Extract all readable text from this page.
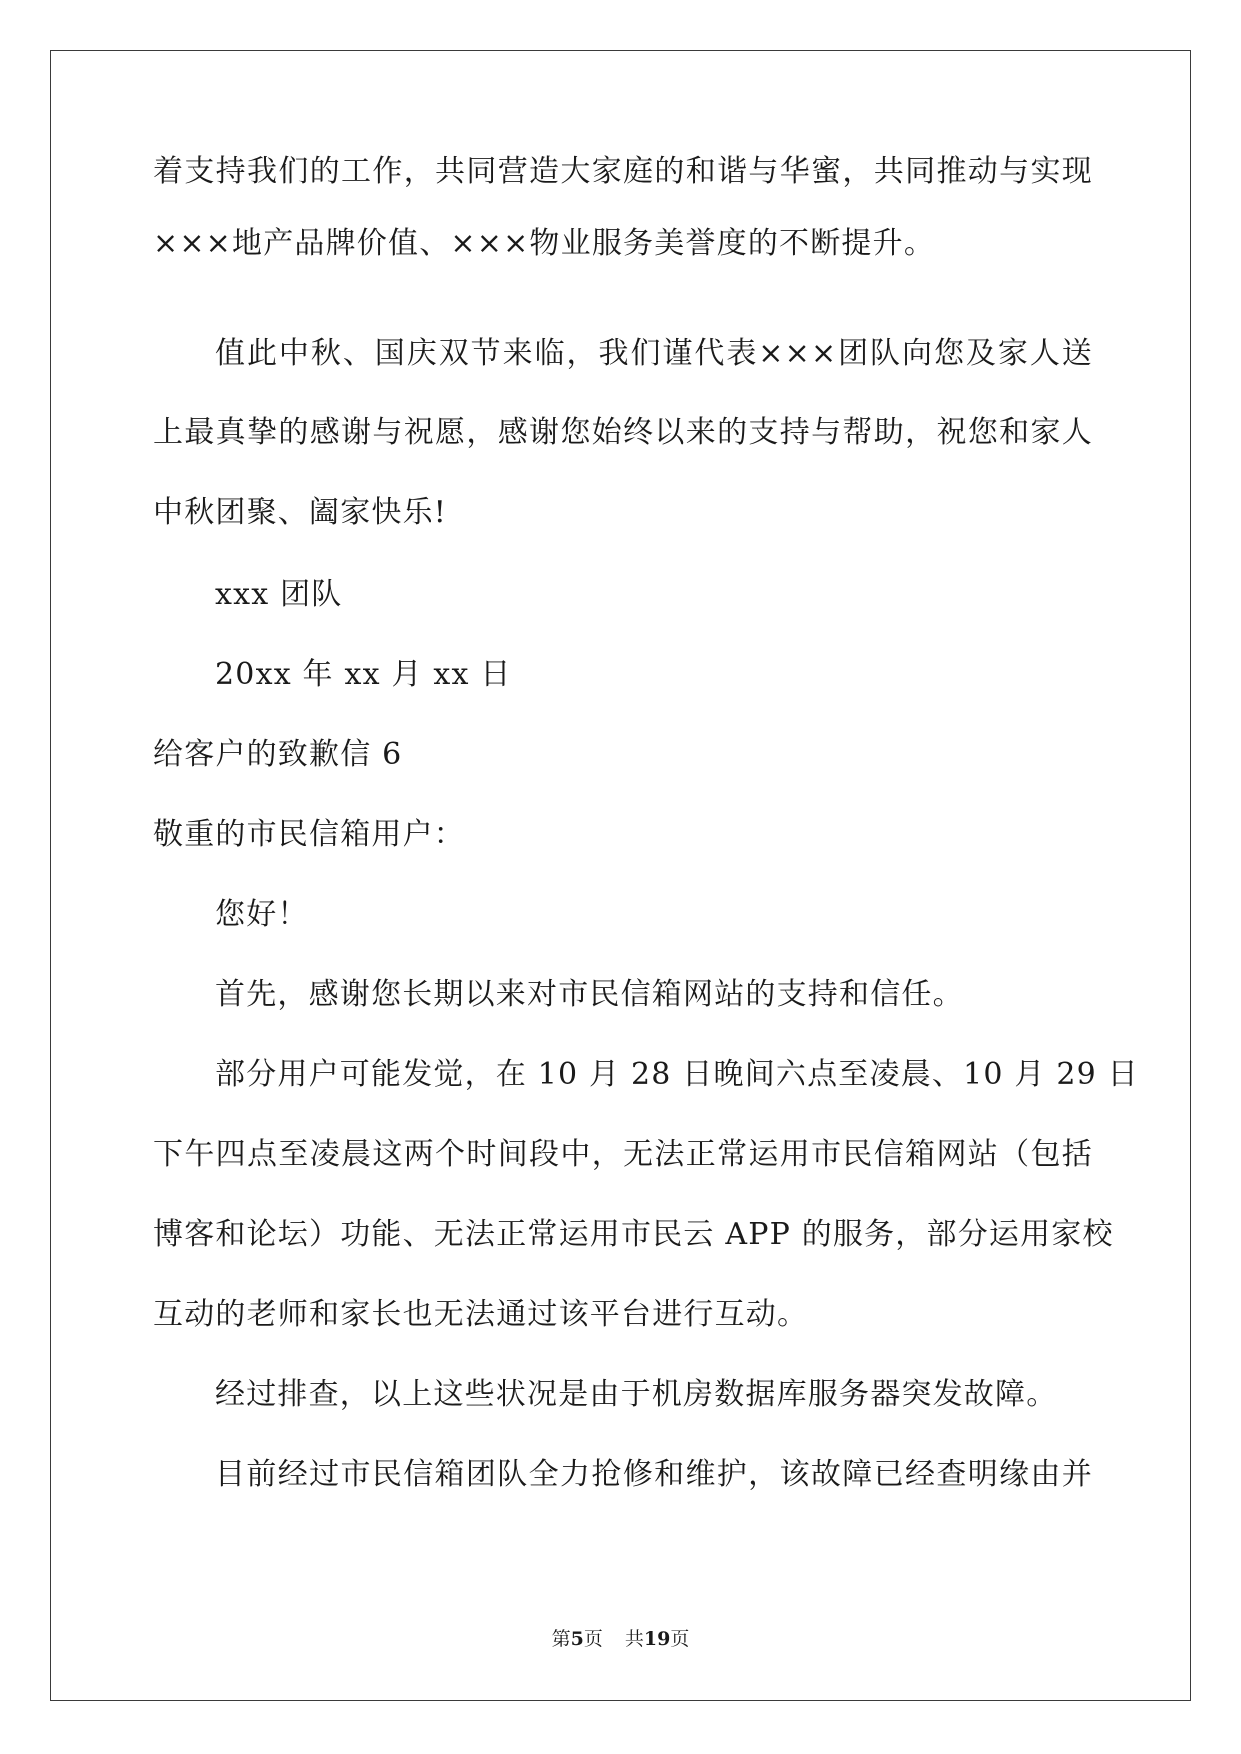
着支持我们的工作，共同营造大家庭的和谐与华蜜，共同推动与实现
×××地产品牌价值、×××物业服务美誉度的不断提升。
值此中秋、国庆双节来临，我们谨代表×××团队向您及家人送
上最真挚的感谢与祝愿，感谢您始终以来的支持与帮助，祝您和家人
中秋团聚、阖家快乐!
xxx 团队
20xx 年 xx 月 xx 日
给客户的致歉信 6
敬重的市民信箱用户：
您好！
首先，感谢您长期以来对市民信箱网站的支持和信任。
部分用户可能发觉，在 10 月 28 日晚间六点至凌晨、10 月 29 日
下午四点至凌晨这两个时间段中，无法正常运用市民信箱网站（包括
博客和论坛）功能、无法正常运用市民云 APP 的服务，部分运用家校
互动的老师和家长也无法通过该平台进行互动。
经过排查，以上这些状况是由于机房数据库服务器突发故障。
目前经过市民信箱团队全力抢修和维护，该故障已经查明缘由并
第5页 共19页
